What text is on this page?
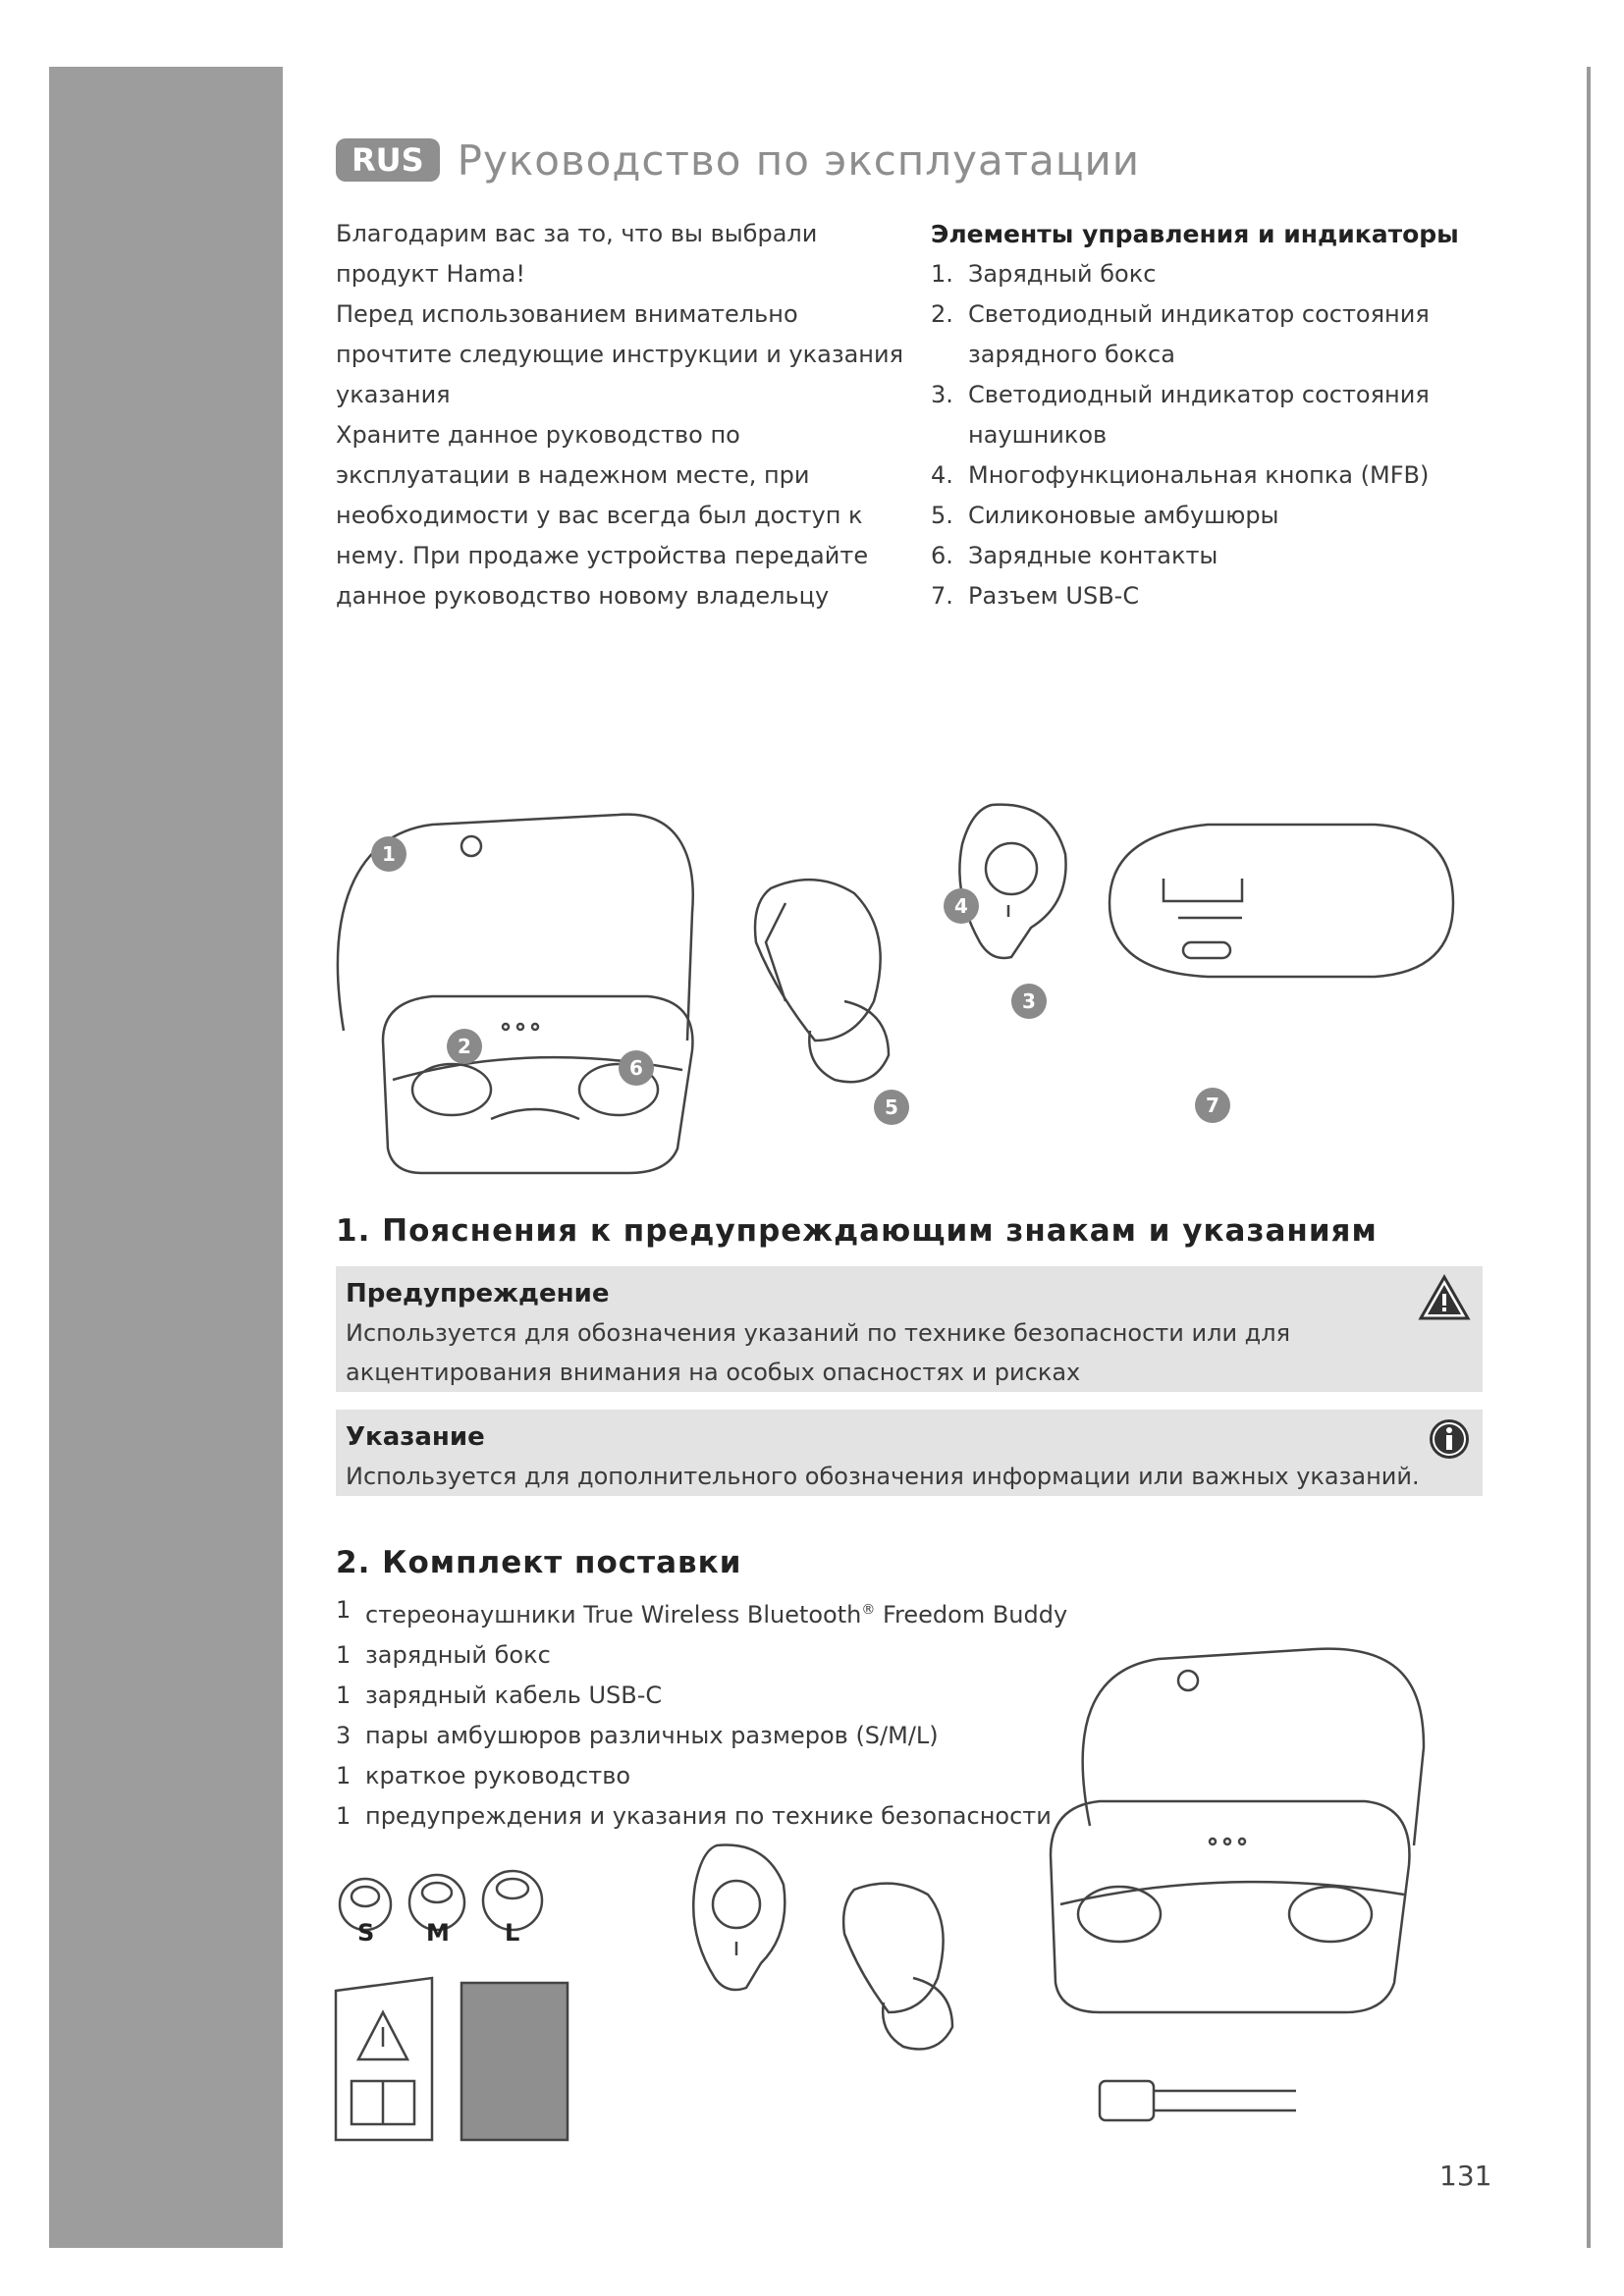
RUS Руководство по эксплуатации

Благодарим вас за то, что вы выбрали продукт Hama!

Перед использованием внимательно прочтите следующие инструкции и указания указания

Храните данное руководство по эксплуатации в надежном месте, при необходимости у вас всегда был доступ к нему. При продаже устройства передайте данное руководство новому владельцу

Элементы управления и индикаторы
1. Зарядный бокс
2. Светодиодный индикатор состояния зарядного бокса
3. Светодиодный индикатор состояния наушников
4. Многофункциональная кнопка (MFB)
5. Силиконовые амбушюры
6. Зарядные контакты
7. Разъем USB-C
1
2
3
4
5
6
7
1. Пояснения к предупреждающим знакам и указаниям
Предупреждение

Используется для обозначения указаний по технике безопасности или для акцентирования внимания на особых опасностях и рисках

Указание

Используется для дополнительного обозначения информации или важных указаний.

2. Комплект поставки
1 стереонаушники True Wireless Bluetooth® Freedom Buddy
1 зарядный бокс
1 зарядный кабель USB-C
3 пары амбушюров различных размеров (S/M/L)
1 краткое руководство
1 предупреждения и указания по технике безопасности
S M L
131
